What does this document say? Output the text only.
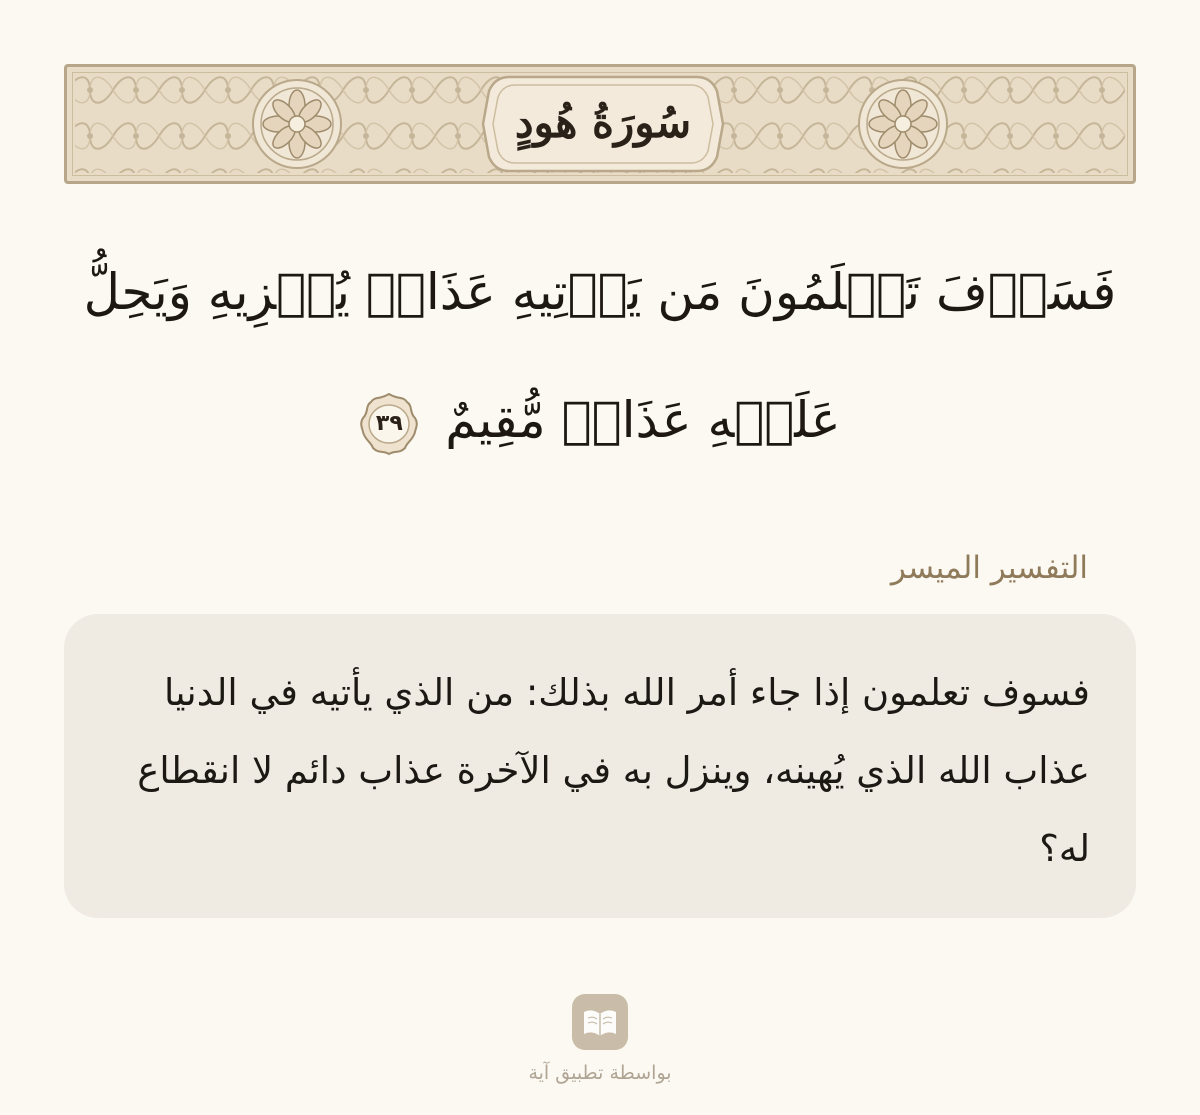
سُورَةُ هُودٍ
فَسَوۡفَ تَعۡلَمُونَ مَن يَأۡتِيهِ عَذَابٞ يُخۡزِيهِ وَيَحِلُّ عَلَيۡهِ عَذَابٞ مُّقِيمٌ
٣٩
التفسير الميسر
فسوف تعلمون إذا جاء أمر الله بذلك: من الذي يأتيه في الدنيا عذاب الله الذي يُهينه، وينزل به في الآخرة عذاب دائم لا انقطاع له؟
بواسطة تطبيق آية
